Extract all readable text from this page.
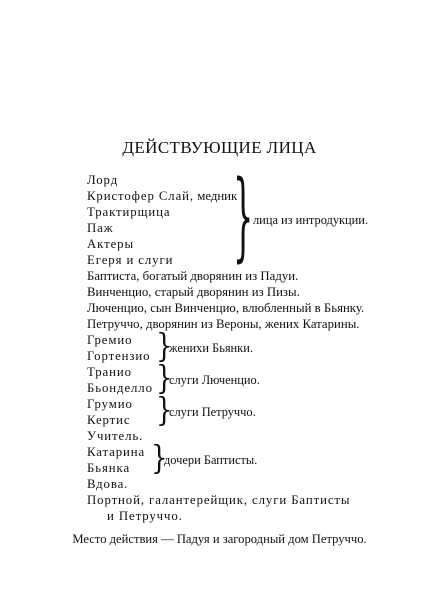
ДЕЙСТВУЮЩИЕ ЛИЦА
Лорд
Кристофер Слай, медник
Трактирщица
Паж
Актеры
Егеря и слуги } лица из интродукции.
Баптиста, богатый дворянин из Падуи.
Винченцио, старый дворянин из Пизы.
Люченцио, сын Винченцио, влюбленный в Бьянку.
Петруччо, дворянин из Вероны, жених Катарины.
Гремио
Гортензио }
женихи Бьянки.
Транио
Бьонделло }
слуги Люченцио.
Грумио
Кертис }
слуги Петруччо.
Учитель.
Катарина
Бьянка }
дочери Баптисты.
Вдова.
Портной, галантерейщик, слуги Баптисты
и Петруччо.
Место действия — Падуя и загородный дом Петруччо.
